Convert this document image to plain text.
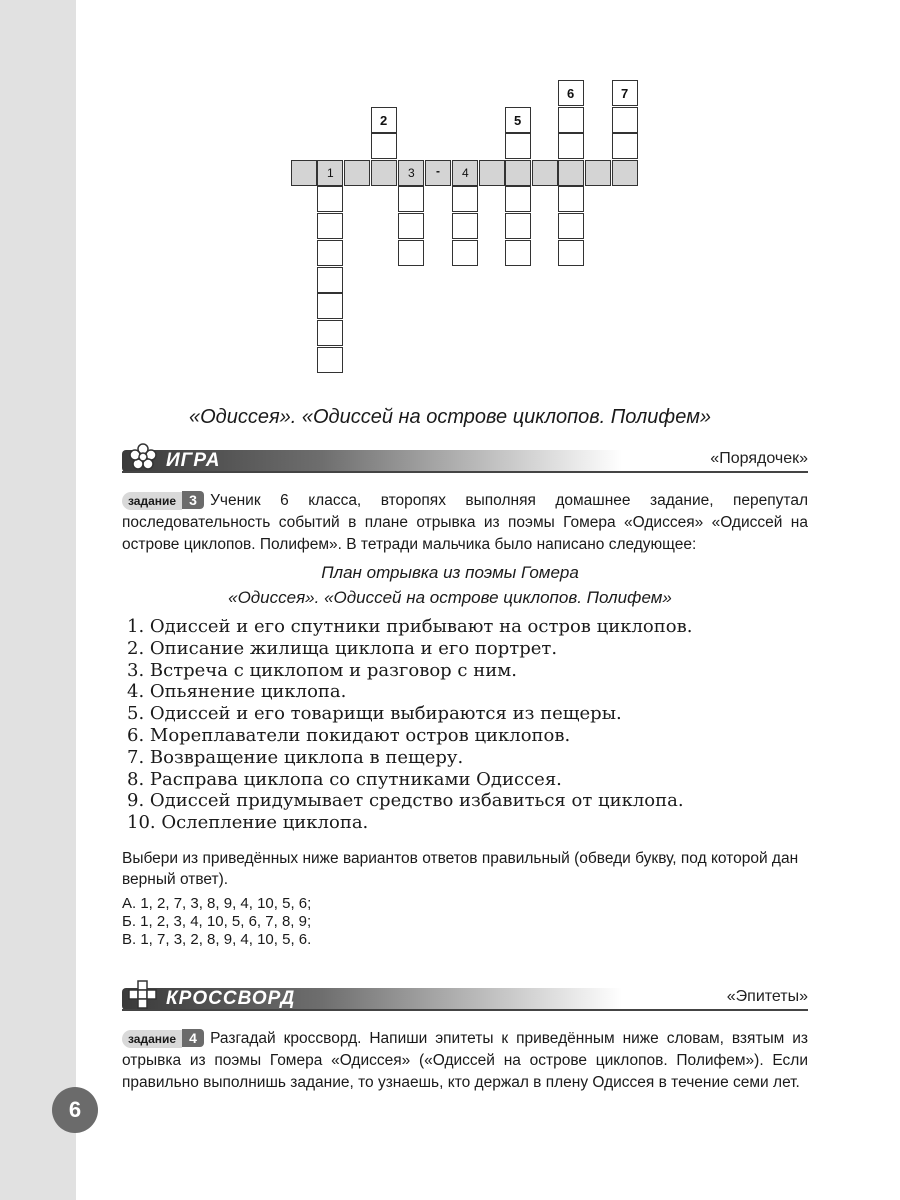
1	3 - 4
2	5
6	7
«Одиссея». «Одиссей на острове циклопов. Полифем»
ИГРА	«Порядочек»
задание 3 Ученик 6 класса, второпях выполняя домашнее задание, перепутал последовательность событий в плане отрывка из поэмы Гомера «Одиссея» «Одиссей на острове циклопов. Полифем». В тетради мальчика было написано следующее:
План отрывка из поэмы Гомера
«Одиссея». «Одиссей на острове циклопов. Полифем»
1. Одиссей и его спутники прибывают на остров циклопов.
2. Описание жилища циклопа и его портрет.
3. Встреча с циклопом и разговор с ним.
4. Опьянение циклопа.
5. Одиссей и его товарищи выбираются из пещеры.
6. Мореплаватели покидают остров циклопов.
7. Возвращение циклопа в пещеру.
8. Расправа циклопа со спутниками Одиссея.
9. Одиссей придумывает средство избавиться от циклопа.
10. Ослепление циклопа.
Выбери из приведённых ниже вариантов ответов правильный (обведи букву, под которой дан верный ответ).
А. 1, 2, 7, 3, 8, 9, 4, 10, 5, 6;
Б. 1, 2, 3, 4, 10, 5, 6, 7, 8, 9;
В. 1, 7, 3, 2, 8, 9, 4, 10, 5, 6.
КРОССВОРД	«Эпитеты»
задание 4 Разгадай кроссворд. Напиши эпитеты к приведённым ниже словам, взятым из отрывка из поэмы Гомера «Одиссея» («Одиссей на острове циклопов. Полифем»). Если правильно выполнишь задание, то узнаешь, кто держал в плену Одиссея в течение семи лет.
6
